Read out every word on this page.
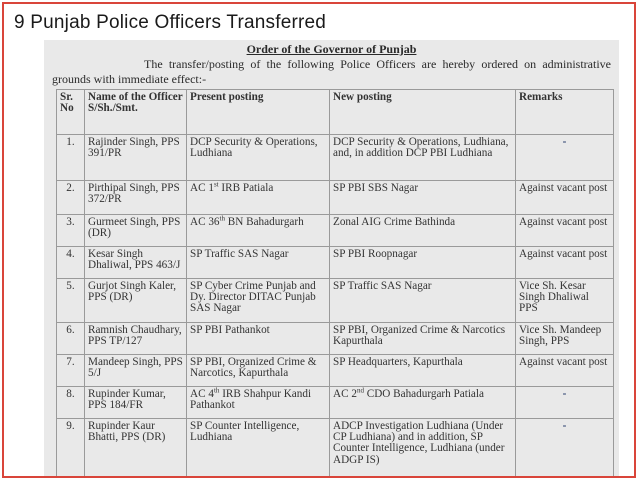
9 Punjab Police Officers Transferred
Order of the Governor of Punjab
The transfer/posting of the following Police Officers are hereby ordered on administrative grounds with immediate effect:-
Sr. No	Name of the Officer S/Sh./Smt.	Present posting	New posting	Remarks
1.	Rajinder Singh, PPS 391/PR	DCP Security & Operations, Ludhiana	DCP Security & Operations, Ludhiana, and, in addition DCP PBI Ludhiana	-
2.	Pirthipal Singh, PPS 372/PR	AC 1st IRB Patiala	SP PBI SBS Nagar	Against vacant post
3.	Gurmeet Singh, PPS (DR)	AC 36th BN Bahadurgarh	Zonal AIG Crime Bathinda	Against vacant post
4.	Kesar Singh Dhaliwal, PPS 463/J	SP Traffic SAS Nagar	SP PBI Roopnagar	Against vacant post
5.	Gurjot Singh Kaler, PPS (DR)	SP Cyber Crime Punjab and Dy. Director DITAC Punjab SAS Nagar	SP Traffic SAS Nagar	Vice Sh. Kesar Singh Dhaliwal PPS
6.	Ramnish Chaudhary, PPS TP/127	SP PBI Pathankot	SP PBI, Organized Crime & Narcotics Kapurthala	Vice Sh. Mandeep Singh, PPS
7.	Mandeep Singh, PPS 5/J	SP PBI, Organized Crime & Narcotics, Kapurthala	SP Headquarters, Kapurthala	Against vacant post
8.	Rupinder Kumar, PPS 184/FR	AC 4th IRB Shahpur Kandi Pathankot	AC 2nd CDO Bahadurgarh Patiala	-
9.	Rupinder Kaur Bhatti, PPS (DR)	SP Counter Intelligence, Ludhiana	ADCP Investigation Ludhiana (Under CP Ludhiana) and in addition, SP Counter Intelligence, Ludhiana (under ADGP IS)	-
